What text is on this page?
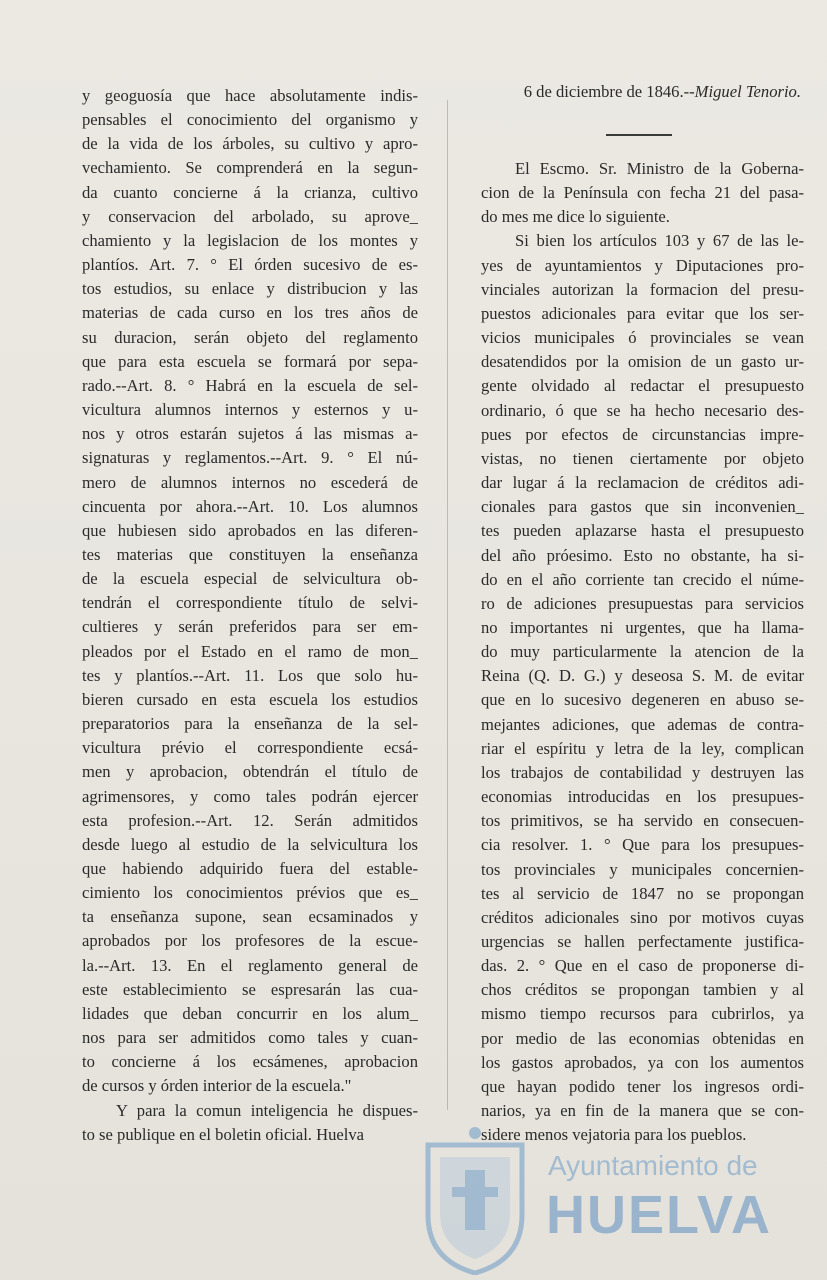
y geoguosía que hace absolutamente indis-
pensables el conocimiento del organismo y
de la vida de los árboles, su cultivo y apro-
vechamiento. Se comprenderá en la segun-
da cuanto concierne á la crianza, cultivo
y conservacion del arbolado, su aprove_
chamiento y la legislacion de los montes y
plantíos. Art. 7. ° El órden sucesivo de es-
tos estudios, su enlace y distribucion y las
materias de cada curso en los tres años de
su duracion, serán objeto del reglamento
que para esta escuela se formará por sepa-
rado.--Art. 8. ° Habrá en la escuela de sel-
vicultura alumnos internos y esternos y u-
nos y otros estarán sujetos á las mismas a-
signaturas y reglamentos.--Art. 9. ° El nú-
mero de alumnos internos no escederá de
cincuenta por ahora.--Art. 10. Los alumnos
que hubiesen sido aprobados en las diferen-
tes materias que constituyen la enseñanza
de la escuela especial de selvicultura ob-
tendrán el correspondiente título de selvi-
cultieres y serán preferidos para ser em-
pleados por el Estado en el ramo de mon_
tes y plantíos.--Art. 11. Los que solo hu-
bieren cursado en esta escuela los estudios
preparatorios para la enseñanza de la sel-
vicultura prévio el correspondiente ecsá-
men y aprobacion, obtendrán el título de
agrimensores, y como tales podrán ejercer
esta profesion.--Art. 12. Serán admitidos
desde luego al estudio de la selvicultura los
que habiendo adquirido fuera del estable-
cimiento los conocimientos prévios que es_
ta enseñanza supone, sean ecsaminados y
aprobados por los profesores de la escue-
la.--Art. 13. En el reglamento general de
este establecimiento se espresarán las cua-
lidades que deban concurrir en los alum_
nos para ser admitidos como tales y cuan-
to concierne á los ecsámenes, aprobacion
de cursos y órden interior de la escuela."
Y para la comun inteligencia he dispues-
to se publique en el boletin oficial. Huelva
6 de diciembre de 1846.--Miguel Tenorio.
El Escmo. Sr. Ministro de la Goberna-
cion de la Península con fecha 21 del pasa-
do mes me dice lo siguiente.
Si bien los artículos 103 y 67 de las le-
yes de ayuntamientos y Diputaciones pro-
vinciales autorizan la formacion del presu-
puestos adicionales para evitar que los ser-
vicios municipales ó provinciales se vean
desatendidos por la omision de un gasto ur-
gente olvidado al redactar el presupuesto
ordinario, ó que se ha hecho necesario des-
pues por efectos de circunstancias impre-
vistas, no tienen ciertamente por objeto
dar lugar á la reclamacion de créditos adi-
cionales para gastos que sin inconvenien_
tes pueden aplazarse hasta el presupuesto
del año próesimo. Esto no obstante, ha si-
do en el año corriente tan crecido el núme-
ro de adiciones presupuestas para servicios
no importantes ni urgentes, que ha llama-
do muy particularmente la atencion de la
Reina (Q. D. G.) y deseosa S. M. de evitar
que en lo sucesivo degeneren en abuso se-
mejantes adiciones, que ademas de contra-
riar el espíritu y letra de la ley, complican
los trabajos de contabilidad y destruyen las
economias introducidas en los presupues-
tos primitivos, se ha servido en consecuen-
cia resolver. 1. ° Que para los presupues-
tos provinciales y municipales concernien-
tes al servicio de 1847 no se propongan
créditos adicionales sino por motivos cuyas
urgencias se hallen perfectamente justifica-
das. 2. ° Que en el caso de proponerse di-
chos créditos se propongan tambien y al
mismo tiempo recursos para cubrirlos, ya
por medio de las economias obtenidas en
los gastos aprobados, ya con los aumentos
que hayan podido tener los ingresos ordi-
narios, ya en fin de la manera que se con-
sidere menos vejatoria para los pueblos.
Ayuntamiento de
HUELVA
